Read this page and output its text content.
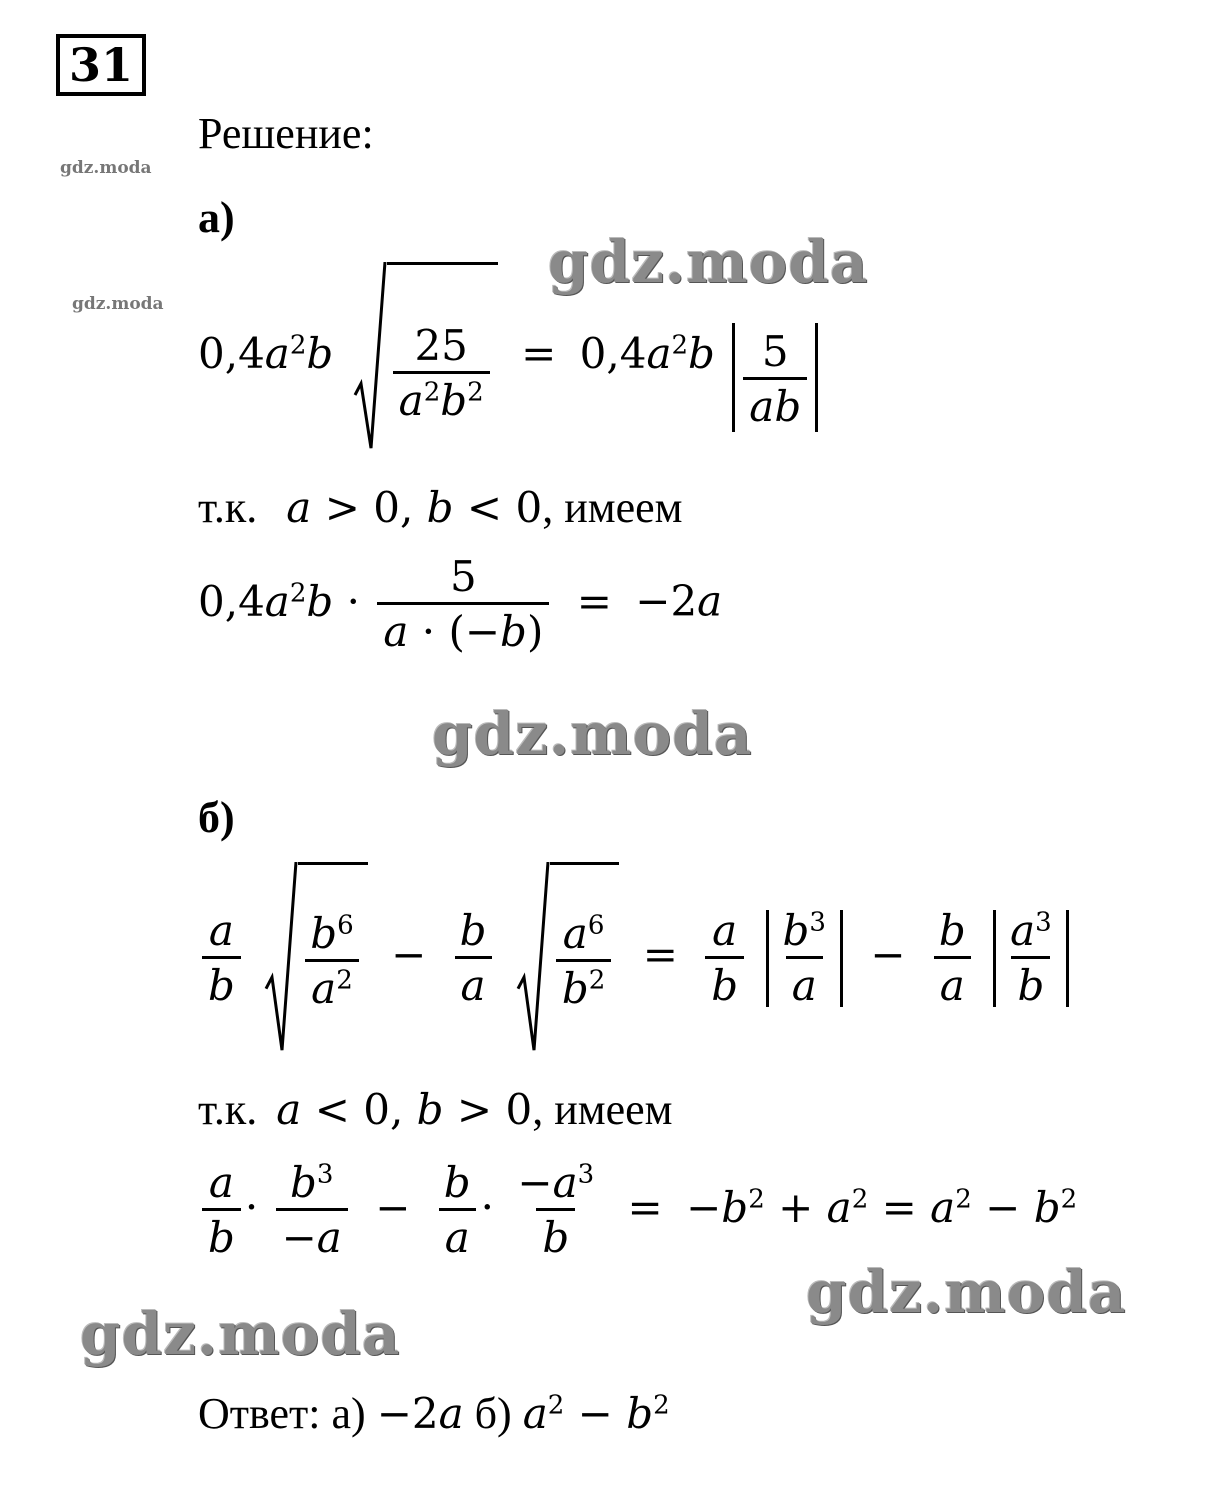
31
gdz.moda
gdz.moda
Решение:
а)
gdz.moda
gdz.moda
gdz.moda
gdz.moda
$0,4a^2b \frac{25}{a^2b^2} = 0,4a^2b \frac{5}{ab}$
т.к. a > 0, b < 0, имеем
$0,4a^2b \cdot \frac{5}{a \cdot (-b)} = -2a$
б)
$\frac{a}{b}$
$\frac{b^6}{a^2} - \frac{b}{a}$
$\frac{a^6}{b^2} = \frac{a}{b}$
$\frac{b^3}{a} - \frac{b}{a}$
$\frac{a^3}{b}$
т.к. a < 0, b > 0, имеем
$\frac{a}{b} \cdot \frac{b^3}{-a} - \frac{b}{a} \cdot \frac{-a^3}{b} = -b^2 + a^2 = a^2 - b^2$
Ответ: а) −2a б) $a^2 - b^2$
